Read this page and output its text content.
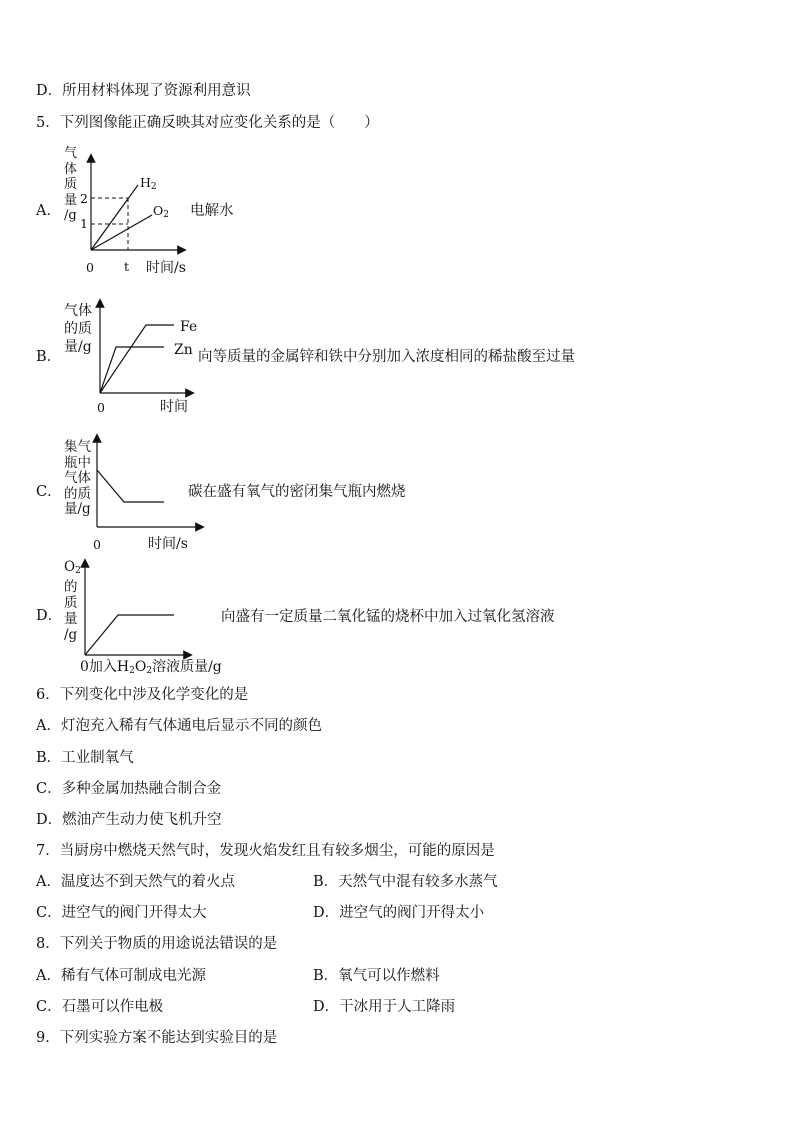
D．所用材料体现了资源利用意识
5．下列图像能正确反映其对应变化关系的是（　　）
A．
气
体
质
量
/g
2
1
0 t 时间/s
$H_2$
$O_2$ 电解水
B．
气体
的质
量/g
Fe
Zn
0	时间
向等质量的金属锌和铁中分别加入浓度相同的稀盐酸至过量
C．
集气
瓶中
气体
的质
量/g
0	时间/s
碳在盛有氧气的密闭集气瓶内燃烧
D．
$O_2$
的
质
量
/g
0加入$H_2O_2$溶液质量/g
向盛有一定质量二氧化锰的烧杯中加入过氧化氢溶液
6．下列变化中涉及化学变化的是
A．灯泡充入稀有气体通电后显示不同的颜色
B．工业制氧气
C．多种金属加热融合制合金
D．燃油产生动力使飞机升空
7．当厨房中燃烧天然气时，发现火焰发红且有较多烟尘，可能的原因是
A．温度达不到天然气的着火点	B．天然气中混有较多水蒸气
C．进空气的阀门开得太大	D．进空气的阀门开得太小
8．下列关于物质的用途说法错误的是
A．稀有气体可制成电光源	B．氧气可以作燃料
C．石墨可以作电极	D．干冰用于人工降雨
9．下列实验方案不能达到实验目的是
